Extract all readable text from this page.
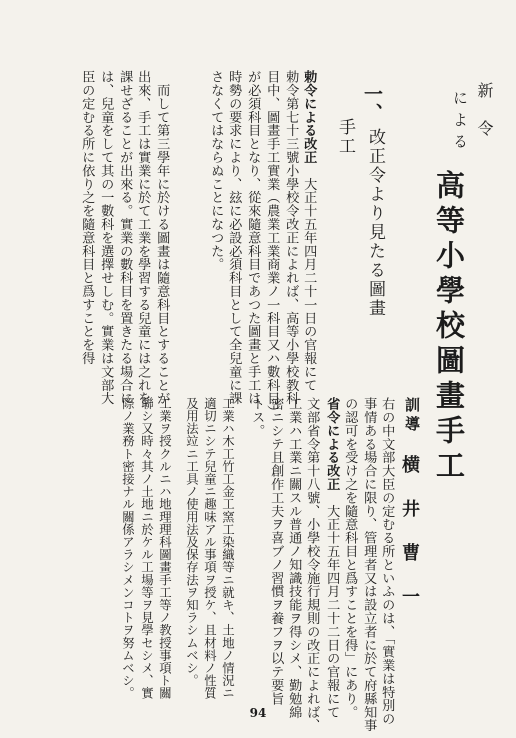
新　令
に よ る
高等小學校圖畫手工
訓導
横　井　曹　一
右の中文部大臣の定むる所といふのは、「實業は特別の
事情ある場合に限り、管理者又は設立者に於て府縣知事
の認可を受け之を隨意科目と爲すことを得」にあり。
省令による改正　大正十五年四月二十二日の官報にて
文部省令第十八號、小學校令施行規則の改正によれば、
工業ハ工業ニ關スル普通ノ知識技能ヲ得シメ、勤勉綿
密ニシテ且創作工夫ヲ喜ブノ習慣ヲ養フヲ以テ要旨
トス。
工業ハ木工竹工金工窯工染織等ニ就キ、土地ノ情況ニ
適切ニシテ兒童ニ趣味アル事項ヲ授ケ、且材料ノ性質
及用法竝ニ工具ノ使用法及保存法ヲ知ラシムベシ。
工業ヲ授クルニハ地理理科圖畫手工等ノ教授事項ト關
聯シ又時々其ノ土地ニ於ケル工場等ヲ見學セシメ、實
際ノ業務ト密接ナル關係アラシメンコトヲ努ムベシ。
一、
改正令より見たる圖畫
手工
勅令による改正　大正十五年四月二十一日の官報にて
勅令第七十三號小學校令改正によれば、高等小學校教科
目中、圖畫手工實業（農業工業商業ノ一科目又ハ數科目）
が必須科目となり、從來隨意科目であつた圖畫と手工は
時勢の要求により、玆に必設必須科目として全兒童に課
さなくてはならぬことになつた。
　而して第三學年に於ける圖畫は隨意科目とすることが
出來、手工は實業に於て工業を學習する兒童には之れを
課せざることが出來る。實業の數科目を置きたる場合に
は、兒童をして其の一數科を選擇せしむ。實業は文部大
臣の定むる所に依り之を隨意科目と爲すことを得
94
